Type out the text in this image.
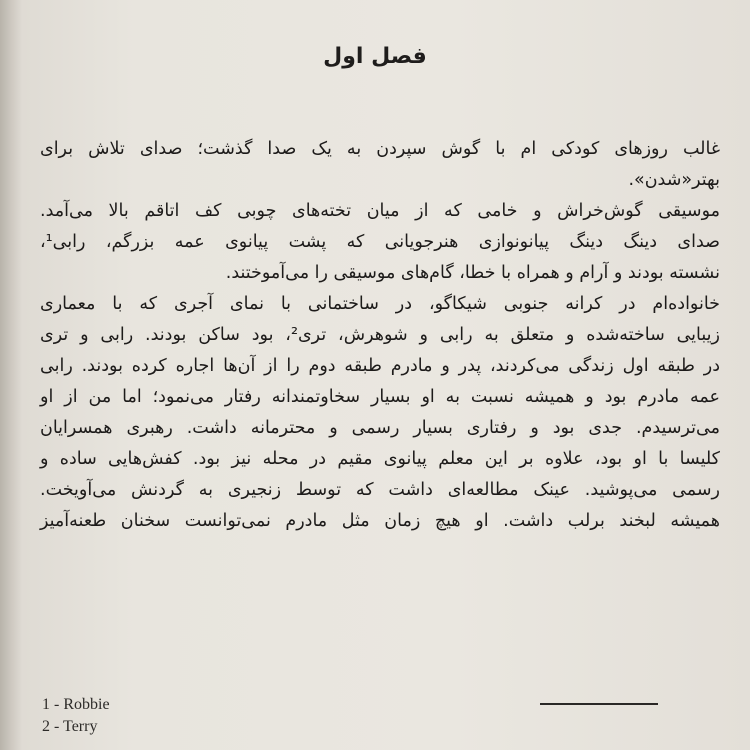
فصل اول
غالب روزهای کودکی ام با گوش سپردن به یک صدا گذشت؛ صدای تلاش برای
بهتر«شدن».
موسیقی گوش‌خراش و خامی که از میان تخته‌های چوبی کف اتاقم بالا می‌آمد.
صدای دینگ دینگ پیانونوازی هنرجویانی که پشت پیانوی عمه بزرگم، رابی¹،
نشسته بودند و آرام و همراه با خطا، گام‌های موسیقی را می‌آموختند.
خانواده‌ام در کرانه جنوبی شیکاگو، در ساختمانی با نمای آجری که با معماری
زیبایی ساخته‌شده و متعلق به رابی و شوهرش، تری²، بود ساکن بودند. رابی و تری
در طبقه اول زندگی می‌کردند، پدر و مادرم طبقه دوم را از آن‌ها اجاره کرده بودند. رابی
عمه مادرم بود و همیشه نسبت به او بسیار سخاوتمندانه رفتار می‌نمود؛ اما من از او
می‌ترسیدم. جدی بود و رفتاری بسیار رسمی و محترمانه داشت. رهبری همسرایان
کلیسا با او بود، علاوه بر این معلم پیانوی مقیم در محله نیز بود. کفش‌هایی ساده و
رسمی می‌پوشید. عینک مطالعه‌ای داشت که توسط زنجیری به گردنش می‌آویخت.
همیشه لبخند برلب داشت. او هیچ زمان مثل مادرم نمی‌توانست سخنان طعنه‌آمیز
1 - Robbie
2 - Terry
